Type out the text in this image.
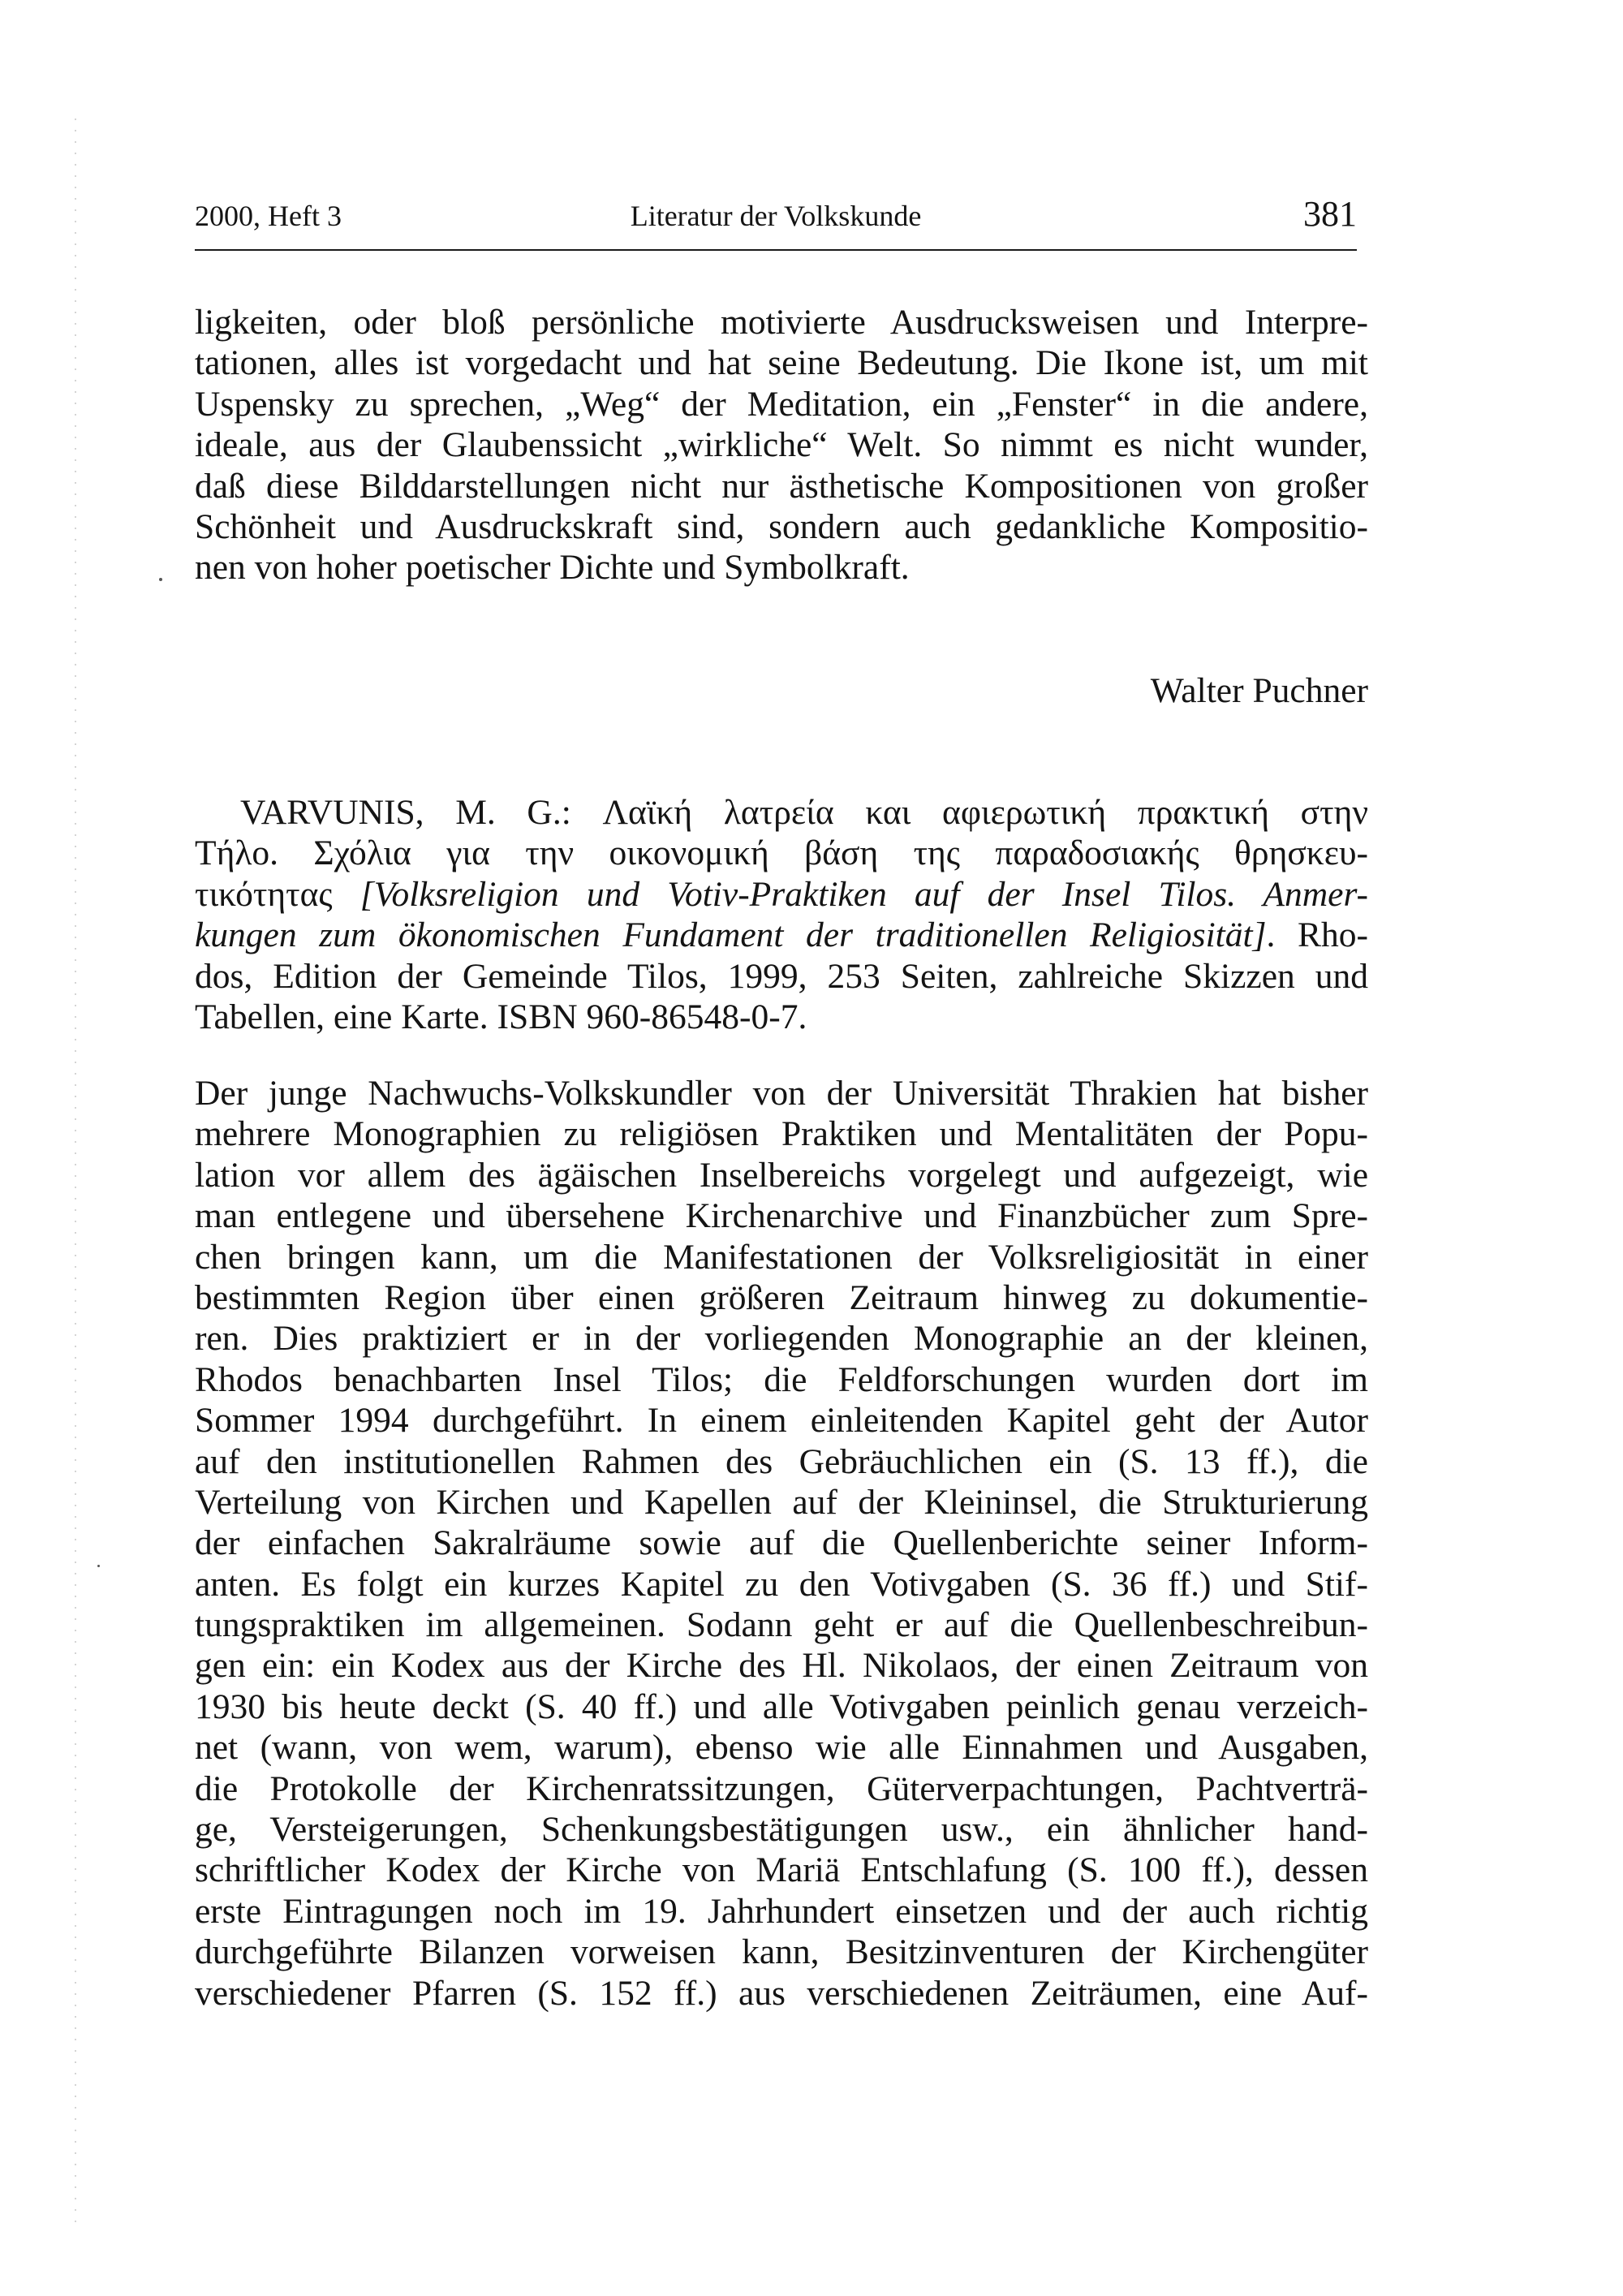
2000, Heft 3	Literatur der Volkskunde	381
ligkeiten, oder bloß persönliche motivierte Ausdrucksweisen und Interpre-
tationen, alles ist vorgedacht und hat seine Bedeutung. Die Ikone ist, um mit
Uspensky zu sprechen, „Weg“ der Meditation, ein „Fenster“ in die andere,
ideale, aus der Glaubenssicht „wirkliche“ Welt. So nimmt es nicht wunder,
daß diese Bilddarstellungen nicht nur ästhetische Kompositionen von großer
Schönheit und Ausdruckskraft sind, sondern auch gedankliche Kompositio-
nen von hoher poetischer Dichte und Symbolkraft.
Walter Puchner
VARVUNIS, M. G.: Λαϊκή λατρεία και αφιερωτική πρακτική στην
Τήλο. Σχόλια για την οικονομική βάση της παραδοσιακής θρησκευ-
τικότητας [Volksreligion und Votiv-Praktiken auf der Insel Tilos. Anmer-
kungen zum ökonomischen Fundament der traditionellen Religiosität]. Rho-
dos, Edition der Gemeinde Tilos, 1999, 253 Seiten, zahlreiche Skizzen und
Tabellen, eine Karte. ISBN 960-86548-0-7.
Der junge Nachwuchs-Volkskundler von der Universität Thrakien hat bisher
mehrere Monographien zu religiösen Praktiken und Mentalitäten der Popu-
lation vor allem des ägäischen Inselbereichs vorgelegt und aufgezeigt, wie
man entlegene und übersehene Kirchenarchive und Finanzbücher zum Spre-
chen bringen kann, um die Manifestationen der Volksreligiosität in einer
bestimmten Region über einen größeren Zeitraum hinweg zu dokumentie-
ren. Dies praktiziert er in der vorliegenden Monographie an der kleinen,
Rhodos benachbarten Insel Tilos; die Feldforschungen wurden dort im
Sommer 1994 durchgeführt. In einem einleitenden Kapitel geht der Autor
auf den institutionellen Rahmen des Gebräuchlichen ein (S. 13 ff.), die
Verteilung von Kirchen und Kapellen auf der Kleininsel, die Strukturierung
der einfachen Sakralräume sowie auf die Quellenberichte seiner Inform-
anten. Es folgt ein kurzes Kapitel zu den Votivgaben (S. 36 ff.) und Stif-
tungspraktiken im allgemeinen. Sodann geht er auf die Quellenbeschreibun-
gen ein: ein Kodex aus der Kirche des Hl. Nikolaos, der einen Zeitraum von
1930 bis heute deckt (S. 40 ff.) und alle Votivgaben peinlich genau verzeich-
net (wann, von wem, warum), ebenso wie alle Einnahmen und Ausgaben,
die Protokolle der Kirchenratssitzungen, Güterverpachtungen, Pachtverträ-
ge, Versteigerungen, Schenkungsbestätigungen usw., ein ähnlicher hand-
schriftlicher Kodex der Kirche von Mariä Entschlafung (S. 100 ff.), dessen
erste Eintragungen noch im 19. Jahrhundert einsetzen und der auch richtig
durchgeführte Bilanzen vorweisen kann, Besitzinventuren der Kirchengüter
verschiedener Pfarren (S. 152 ff.) aus verschiedenen Zeiträumen, eine Auf-
